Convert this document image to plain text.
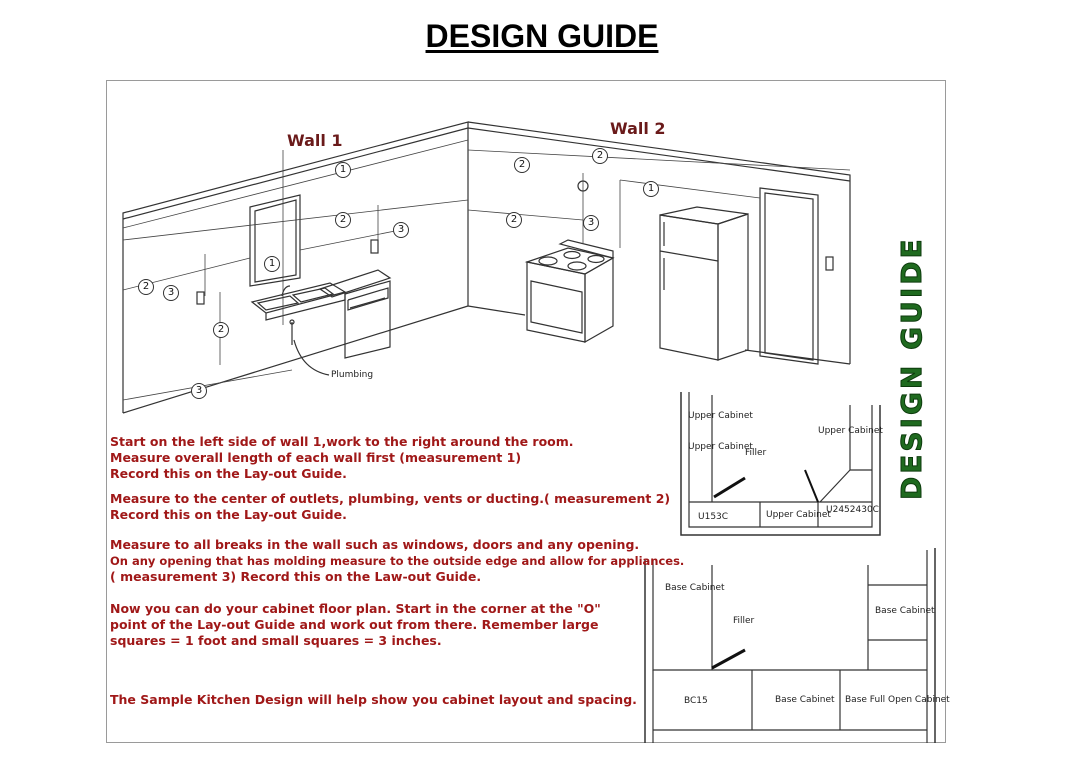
DESIGN GUIDE
Wall 1
Wall 2
Plumbing
1
2
3
1
2
3
2
3
2
2
1
2	3
DESIGN GUIDE
Start on the left side of wall 1,work to the right around the room.
Measure overall length of each wall first (measurement 1)
Record this on the Lay-out Guide.
Measure to the center of outlets, plumbing, vents or ducting.( measurement 2)
Record this on the Lay-out Guide.
Measure to all breaks in the wall such as windows, doors and any opening.
On any opening that has molding measure to the outside edge and allow for appliances.
( measurement 3) Record this on the Law-out Guide.
Now you can do your cabinet floor plan. Start in the corner at the "O"
point of the Lay-out Guide and work out from there. Remember large
squares = 1 foot and small squares = 3 inches.
The Sample Kitchen Design will help show you cabinet layout and spacing.
Upper Cabinet
Upper Cabinet
Filler
Upper Cabinet
U153C	Upper Cabinet
U2452430C
Base Cabinet
Filler
Base Cabinet
BC15	Base Cabinet Base Full Open Cabinet
